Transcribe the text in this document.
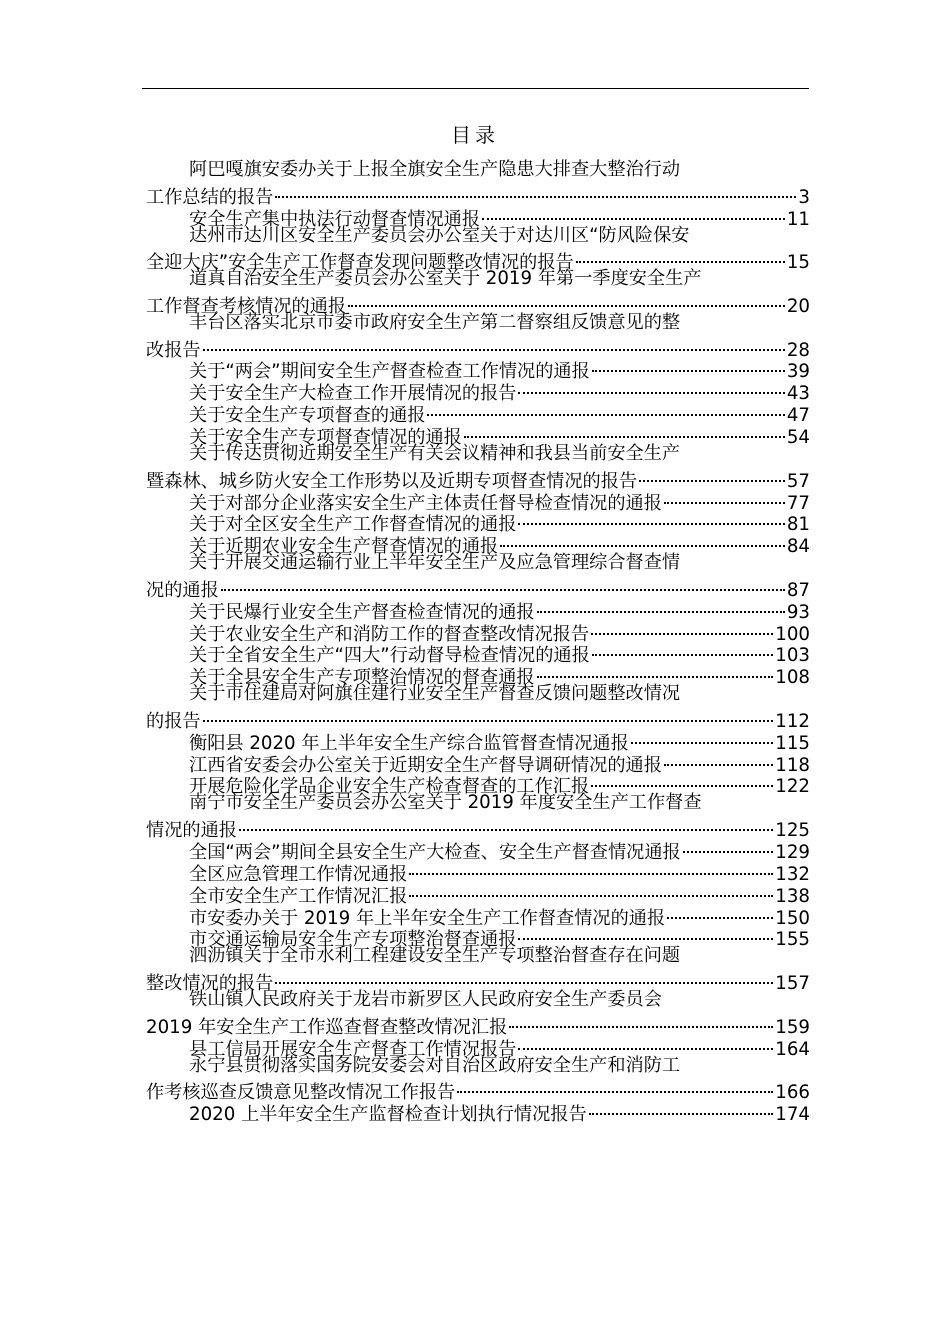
目录
阿巴嘎旗安委办关于上报全旗安全生产隐患大排查大整治行动
工作总结的报告	3
安全生产集中执法行动督查情况通报	11
达州市达川区安全生产委员会办公室关于对达川区“防风险保安
全迎大庆”安全生产工作督查发现问题整改情况的报告	15
道真自治安全生产委员会办公室关于 2019 年第一季度安全生产
工作督查考核情况的通报	20
丰台区落实北京市委市政府安全生产第二督察组反馈意见的整
改报告	28
关于“两会”期间安全生产督查检查工作情况的通报	39
关于安全生产大检查工作开展情况的报告	43
关于安全生产专项督查的通报	47
关于安全生产专项督查情况的通报	54
关于传达贯彻近期安全生产有关会议精神和我县当前安全生产
暨森林、城乡防火安全工作形势以及近期专项督查情况的报告	57
关于对部分企业落实安全生产主体责任督导检查情况的通报	77
关于对全区安全生产工作督查情况的通报	81
关于近期农业安全生产督查情况的通报	84
关于开展交通运输行业上半年安全生产及应急管理综合督查情
况的通报	87
关于民爆行业安全生产督查检查情况的通报	93
关于农业安全生产和消防工作的督查整改情况报告	100
关于全省安全生产“四大”行动督导检查情况的通报	103
关于全县安全生产专项整治情况的督查通报	108
关于市住建局对阿旗住建行业安全生产督查反馈问题整改情况
的报告	112
衡阳县 2020 年上半年安全生产综合监管督查情况通报	115
江西省安委会办公室关于近期安全生产督导调研情况的通报	118
开展危险化学品企业安全生产检查督查的工作汇报	122
南宁市安全生产委员会办公室关于 2019 年度安全生产工作督查
情况的通报	125
全国“两会”期间全县安全生产大检查、安全生产督查情况通报	129
全区应急管理工作情况通报	132
全市安全生产工作情况汇报	138
市安委办关于 2019 年上半年安全生产工作督查情况的通报	150
市交通运输局安全生产专项整治督查通报	155
泗沥镇关于全市水利工程建设安全生产专项整治督查存在问题
整改情况的报告	157
铁山镇人民政府关于龙岩市新罗区人民政府安全生产委员会
2019 年安全生产工作巡查督查整改情况汇报	159
县工信局开展安全生产督查工作情况报告	164
永宁县贯彻落实国务院安委会对自治区政府安全生产和消防工
作考核巡查反馈意见整改情况工作报告	166
2020 上半年安全生产监督检查计划执行情况报告	174
